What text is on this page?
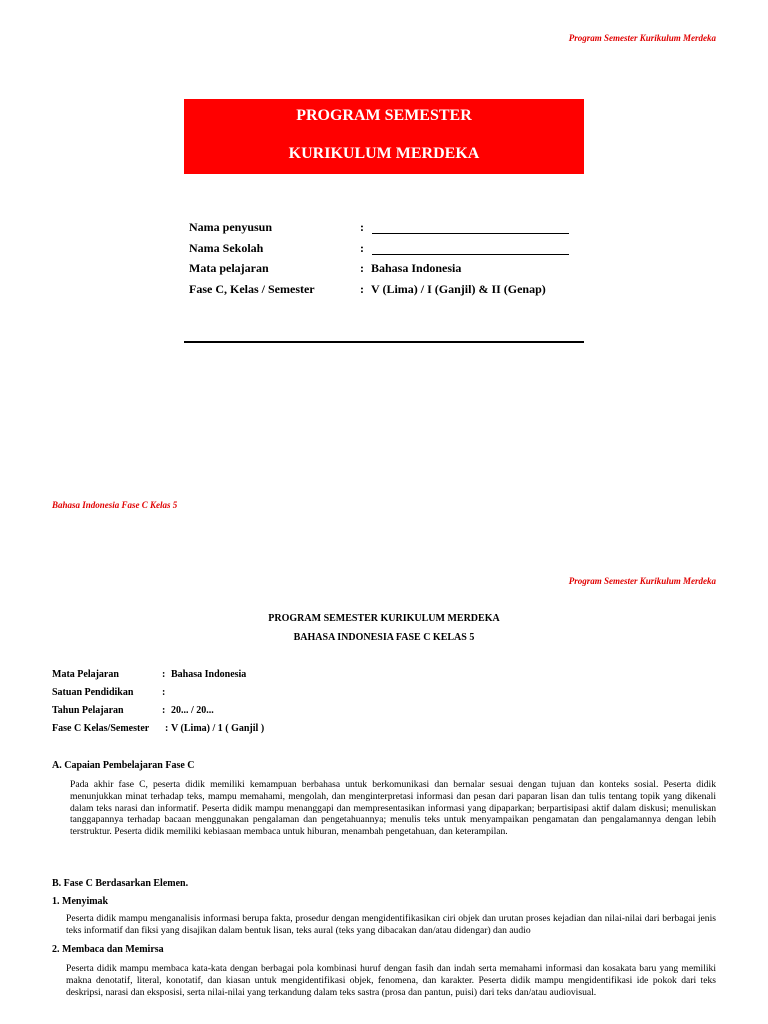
Program Semester Kurikulum Merdeka
PROGRAM SEMESTER
KURIKULUM MERDEKA
Nama penyusun	:
Nama Sekolah	:
Mata pelajaran	: Bahasa Indonesia
Fase C, Kelas / Semester	: V (Lima) / I (Ganjil) & II (Genap)
Bahasa Indonesia Fase C Kelas 5
Program Semester Kurikulum Merdeka
PROGRAM SEMESTER KURIKULUM MERDEKA
BAHASA INDONESIA FASE C KELAS 5
Mata Pelajaran	: Bahasa Indonesia
Satuan Pendidikan	:
Tahun Pelajaran	: 20... / 20...
Fase C Kelas/Semester : V (Lima) / 1 ( Ganjil )
A. Capaian Pembelajaran Fase C
Pada akhir fase C, peserta didik memiliki kemampuan berbahasa untuk berkomunikasi dan bernalar sesuai dengan tujuan dan konteks sosial. Peserta didik menunjukkan minat terhadap teks, mampu memahami, mengolah, dan menginterpretasi informasi dan pesan dari paparan lisan dan tulis tentang topik yang dikenali dalam teks narasi dan informatif. Peserta didik mampu menanggapi dan mempresentasikan informasi yang dipaparkan; berpartisipasi aktif dalam diskusi; menuliskan tanggapannya terhadap bacaan menggunakan pengalaman dan pengetahuannya; menulis teks untuk menyampaikan pengamatan dan pengalamannya dengan lebih terstruktur. Peserta didik memiliki kebiasaan membaca untuk hiburan, menambah pengetahuan, dan keterampilan.
B. Fase C Berdasarkan Elemen.
1. Menyimak
Peserta didik mampu menganalisis informasi berupa fakta, prosedur dengan mengidentifikasikan ciri objek dan urutan proses kejadian dan nilai-nilai dari berbagai jenis teks informatif dan fiksi yang disajikan dalam bentuk lisan, teks aural (teks yang dibacakan dan/atau didengar) dan audio
2. Membaca dan Memirsa
Peserta didik mampu membaca kata-kata dengan berbagai pola kombinasi huruf dengan fasih dan indah serta memahami informasi dan kosakata baru yang memiliki makna denotatif, literal, konotatif, dan kiasan untuk mengidentifikasi objek, fenomena, dan karakter. Peserta didik mampu mengidentifikasi ide pokok dari teks deskripsi, narasi dan eksposisi, serta nilai-nilai yang terkandung dalam teks sastra (prosa dan pantun, puisi) dari teks dan/atau audiovisual.
